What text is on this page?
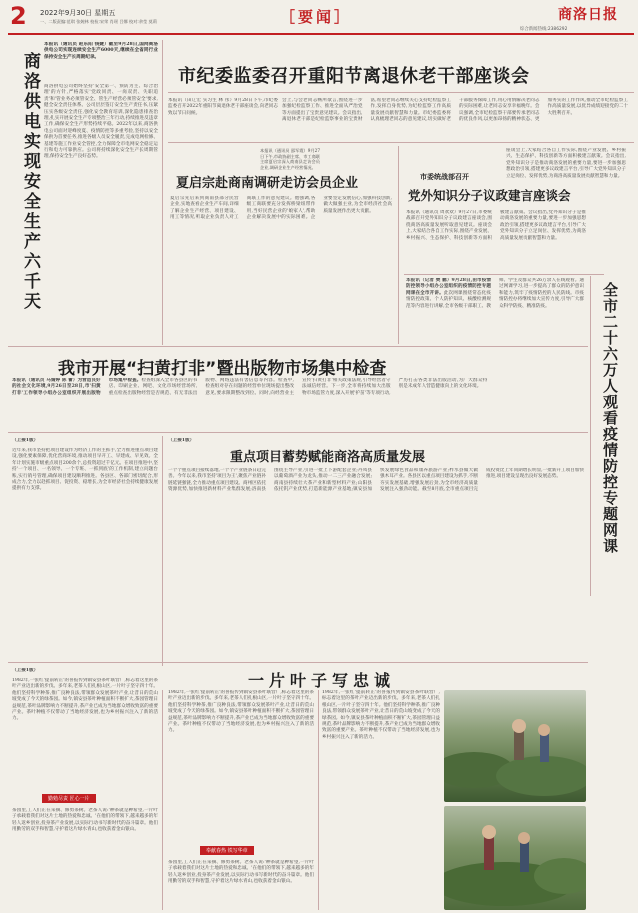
2 2022年9月30日 星期五
一、二版责编:范琪 张婉林 校检:宋荣 肖瑶 吕娜 校对:余莹 莫莉	［要闻］	商洛日报
综合新闻热线:2386292
商洛供电实现安全生产六千天
本报讯（通讯员 赵东阳 钱婕）截至9月28日,国网商洛供电公司实现连续安全生产6000天,继续在全省同行业保持安全生产长周期纪录。
商洛供电公司始终坚持'安全第一、预防为主、综合治理'的方针,严格落实'党政同责、一岗双责、失职追责'和'管业务必须管安全、管生产经营必须管安全'要求,健全安全责任体系。公司层层签订安全生产责任书,压紧压实各级安全责任,强化安全教育培训,深化隐患排查治理,扎实开展安全生产专项整治三年行动,持续推进反违章工作,确保安全生产形势持续平稳。2022年以来,商洛供电公司面对迎峰度夏、疫情防控等多重考验,坚持以安全保供为首要任务,推进各级人员安全履责,完成电网检修、基建等施工作业安全管控,全力保障全市电网安全稳定运行和电力可靠供应。公司将持续深化安全生产长周期管理,保持安全生产良好态势。
市纪委监委召开重阳节离退休老干部座谈会
本报讯（田辽宏 实习生 林 彤）9月28日下午,市纪委监委召开2022年重阳节离退休老干部座谈会,向老同志致以节日问候。
会上,与会老同志畅所欲言,围绕进一步加强纪检监察工作、推进全面从严治党等方面提出了宝贵意见建议。会议指出,离退休老干部是纪检监察事业的宝贵财富,希望老同志继续关心支持纪检监察工作,发挥自身优势,为纪检监察工作高质量发展贡献智慧和力量。市纪委监委将认真梳理老同志的意见建议,切实做好老干部服务保障工作,用心用情解决老同志的实际困难,让老同志安享幸福晚年。会议强调,全市纪检监察干部要传承老同志的优良作风,以更加昂扬的精神状态、更加务实的工作作风,推动全市纪检监察工作高质量发展,以优异成绩迎接党的二十大胜利召开。
夏启宗赴商南调研走访会员企业
本报讯（通讯员 邵军霞）9月27日下午,市政协副主席、市工商联主席夏启宗深入商南县走访会员企业,调研企业生产经营情况。
夏启宗先后来到商南县部分民营企业,实地查看企业生产车间,详细了解企业生产经营、项目建设、用工等情况,听取企业负责人对工商联工作的意见建议。他强调,各级工商联要充分发挥桥梁纽带作用,当好民营企业的'娘家人',帮助企业解决发展中的实际困难。企业要坚定发展信心,加强科技创新,做大做强主业,为全市经济社会高质量发展作出更大贡献。
市委统战部召开
党外知识分子议政建言座谈会
本报讯（通讯员 周欢欢）9月27日,市委统战部召开党外知识分子议政建言座谈会,围绕商洛高质量发展听取意见建议。座谈会上,大家结合各自工作实际,围绕产业发展、乡村振兴、生态保护、科技创新等方面积极建言献策。会议指出,党外知识分子是推动商洛发展的重要力量,要进一步加强思想政治引领,搭建更多议政建言平台,引导广大党外知识分子立足岗位、发挥优势,为商洛高质量发展贡献智慧和力量。
座谈会上,大家结合各自工作实际,围绕产业发展、乡村振兴、生态保护、科技创新等方面积极建言献策。会议指出,党外知识分子是推动商洛发展的重要力量,要进一步加强思想政治引领,搭建更多议政建言平台,引导广大党外知识分子立足岗位、发挥优势,为商洛高质量发展贡献智慧和力量。
本报讯（记者 樊 鹏）9月28日,由市疫情防控领导小组办公室组织的疫情防控专题网课在全市开讲。此次网课围绕常态化疫情防控政策、个人防护知识、核酸检测规范等内容进行讲解,全市各级干部职工、教师、学生及群众共26万余人在线观看。通过网课学习,进一步提高了群众的防护意识和能力,筑牢了疫情防控的人民防线。市疫情防控办将继续加大宣传力度,引导广大群众科学防疫、精准防疫。	全市二十六万人观看疫情防控专题网课
我市开展“扫黄打非”暨出版物市场集中检查
本报讯（通讯员 马婧婷 陈 蕾）为营造良好的社会文化环境,9月26日至28日,市'扫黄打非'工作领导小组办公室组织开展出版物市场集中检查。检查组深入全市各县区的书店、印刷企业、网吧、文化市场经营场所,重点检查出版物经营是否规范、有无非法出版物、网络违法有害信息等内容。检查中,检查组对存在问题的经营单位现场提出整改意见,要求限期整改到位。同时,向经营业主宣传'扫黄打非'相关政策法规,引导经营者守法诚信经营。下一步,全市将持续加大出版物市场监管力度,深入开展'护苗'等专项行动,严厉打击各类非法出版活动,为广大群众特别是未成年人营造健康向上的文化环境。
（上接1版）
近年来,我市坚持把项目建设作为经济工作的主抓手,全力推进重点项目建设,强化要素保障,优化营商环境,推动项目早开工、早建成、早见效。全年计划实施市级重点项目200余个,总投资超过千亿元。在项目推进中,坚持'一个项目、一名领导、一个专班、一抓到底'的工作机制,建立问题台账,实行销号管理,确保项目建设顺利推进。各县区、各部门密切配合,形成合力,全力以赴抓项目、促投资、稳增长,为全市经济社会持续健康发展提供有力支撑。
（上接1版）
重点项目蓄势赋能商洛高质量发展
一个个重点项目接续落地,一个个产业链条日趋完善。今年以来,我市坚持'项目为王',聚焦产业链补链延链强链,全力推动重点项目建设。商州区依托资源优势,加快推进新材料产业集群发展;洛南县围绕主导产业,引进一批上下游配套企业;丹凤县以葡萄酒产业为龙头,推动一二三产业融合发展;商南县持续壮大茶产业和新型材料产业;山阳县依托钒产业优势,打造新能源产业基地;镇安县加快发展绿色食品和康养旅游产业;柞水县做大做强木耳产业。各县区以重点项目建设为抓手,不断夯实发展基础,增强发展后劲,为全市经济高质量发展注入强劲动能。截至8月底,全市重点项目完成投资比上年同期增长明显,一批新开工项目加快推进,项目建设呈现出良好发展态势。
一片叶子写忠诚
（上接1版）
1982年,一张红'提前转正'的喜报传到镇安县茶叶联营厂,标志着这里的茶叶产业迈出新的步伐。多年来,老茶人们扎根山区,一片叶子坚守四十年。他们坚持科学种茶,推广良种良法,带领群众发展茶叶产业,让昔日的荒山坡变成了今天的绿茶园。如今,镇安县茶叶种植面积不断扩大,茶园管理日益规范,茶叶品牌影响力不断提升,茶产业已成为当地群众增收致富的重要产业。茶叶种植不仅带动了当地经济发展,也为乡村振兴注入了新的活力。
勤勉尽责 匠心一片
茶园里,工人们正在采摘、修剪茶树。老茶人说:'种茶就是种希望,一片叶子承载着我们对这片土地的热爱和忠诚。'在他们的带领下,越来越多的年轻人返乡创业,投身茶产业发展,以实际行动书写新时代的奋斗篇章。他们用勤劳的双手和智慧,守护着这片绿水青山,也收获着金山银山。
1982年,一张红'提前转正'的喜报传到镇安县茶叶联营厂,标志着这里的茶叶产业迈出新的步伐。多年来,老茶人们扎根山区,一片叶子坚守四十年。他们坚持科学种茶,推广良种良法,带领群众发展茶叶产业,让昔日的荒山坡变成了今天的绿茶园。如今,镇安县茶叶种植面积不断扩大,茶园管理日益规范,茶叶品牌影响力不断提升,茶产业已成为当地群众增收致富的重要产业。茶叶种植不仅带动了当地经济发展,也为乡村振兴注入了新的活力。
奉献春热 铁写华章
茶园里,工人们正在采摘、修剪茶树。老茶人说:'种茶就是种希望,一片叶子承载着我们对这片土地的热爱和忠诚。'在他们的带领下,越来越多的年轻人返乡创业,投身茶产业发展,以实际行动书写新时代的奋斗篇章。他们用勤劳的双手和智慧,守护着这片绿水青山,也收获着金山银山。
1982年,一张红'提前转正'的喜报传到镇安县茶叶联营厂,标志着这里的茶叶产业迈出新的步伐。多年来,老茶人们扎根山区,一片叶子坚守四十年。他们坚持科学种茶,推广良种良法,带领群众发展茶叶产业,让昔日的荒山坡变成了今天的绿茶园。如今,镇安县茶叶种植面积不断扩大,茶园管理日益规范,茶叶品牌影响力不断提升,茶产业已成为当地群众增收致富的重要产业。茶叶种植不仅带动了当地经济发展,也为乡村振兴注入了新的活力。
